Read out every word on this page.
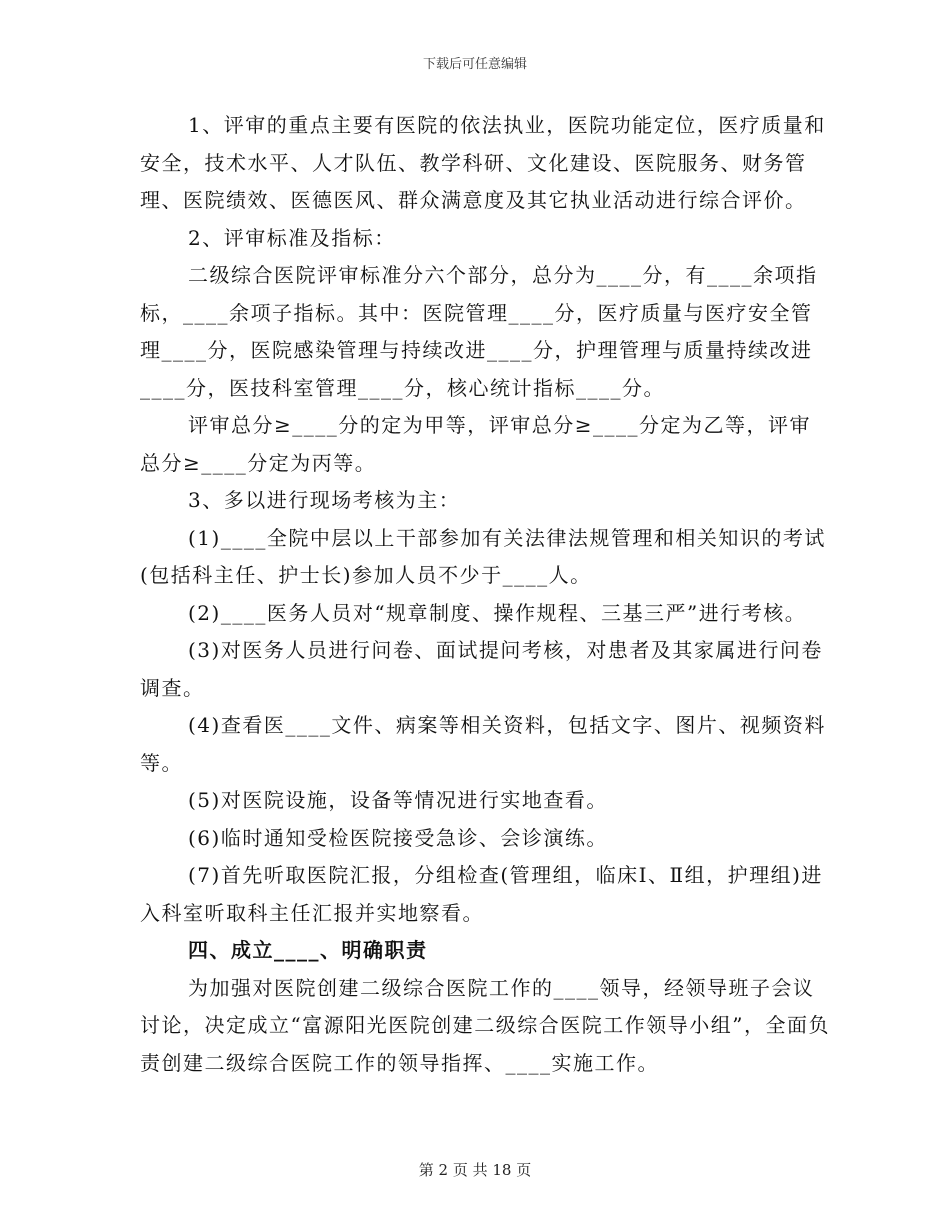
下载后可任意编辑

1、评审的重点主要有医院的依法执业，医院功能定位，医疗质量和安全，技术水平、人才队伍、教学科研、文化建设、医院服务、财务管理、医院绩效、医德医风、群众满意度及其它执业活动进行综合评价。

2、评审标准及指标：

二级综合医院评审标准分六个部分，总分为____分，有____余项指标，____余项子指标。其中：医院管理____分，医疗质量与医疗安全管理____分，医院感染管理与持续改进____分，护理管理与质量持续改进____分，医技科室管理____分，核心统计指标____分。

评审总分≥____分的定为甲等，评审总分≥____分定为乙等，评审总分≥____分定为丙等。

3、多以进行现场考核为主：

(1)____全院中层以上干部参加有关法律法规管理和相关知识的考试(包括科主任、护士长)参加人员不少于____人。

(2)____医务人员对“规章制度、操作规程、三基三严”进行考核。

(3)对医务人员进行问卷、面试提问考核，对患者及其家属进行问卷调查。

(4)查看医____文件、病案等相关资料，包括文字、图片、视频资料等。

(5)对医院设施，设备等情况进行实地查看。

(6)临时通知受检医院接受急诊、会诊演练。

(7)首先听取医院汇报，分组检查(管理组，临床Ⅰ、Ⅱ组，护理组)进入科室听取科主任汇报并实地察看。

四、成立____、明确职责

为加强对医院创建二级综合医院工作的____领导，经领导班子会议讨论，决定成立“富源阳光医院创建二级综合医院工作领导小组”，全面负责创建二级综合医院工作的领导指挥、____实施工作。

第 2 页 共 18 页
